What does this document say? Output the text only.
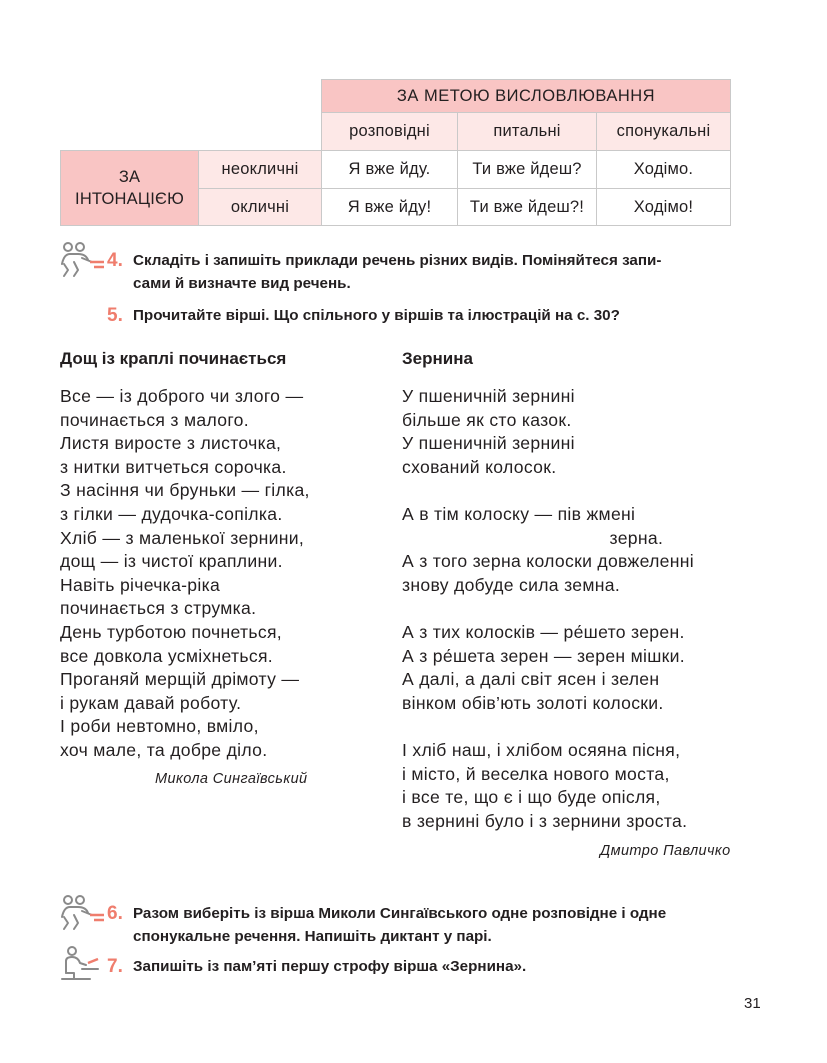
ЗА МЕТОЮ ВИСЛОВЛЮВАННЯ
розповідні	питальні	спонукальні
ЗА
ІНТОНАЦІЄЮ
неокличні	Я вже йду.	Ти вже йдеш?	Ходімо.
окличні	Я вже йду!	Ти вже йдеш?!	Ходімо!
4. Складіть і запишіть приклади речень різних видів. Поміняйтеся запи-
сами й визначте вид речень.
5. Прочитайте вірші. Що спільного у віршів та ілюстрацій на с. 30?
Дощ із краплі починається
Все — із доброго чи злого —
починається з малого.
Листя виросте з листочка,
з нитки витчеться сорочка.
З насіння чи бруньки — гілка,
з гілки — дудочка-сопілка.
Хліб — з маленької зернини,
дощ — із чистої краплини.
Навіть річечка-ріка
починається з струмка.
День турботою почнеться,
все довкола усміхнеться.
Проганяй мерщій дрімоту —
і рукам давай роботу.
І роби невтомно, вміло,
хоч мале, та добре діло.
Микола Сингаївський
Зернина
У пшеничній зернині
більше як сто казок.
У пшеничній зернині
схований колосок.

А в тім колоску — пів жмені
зерна.
А з того зерна колоски довжеленні
знову добуде сила земна.

А з тих колосків — ре́шето зерен.
А з ре́шета зерен — зерен мішки.
А далі, а далі світ ясен і зелен
вінком обів’ють золоті колоски.

І хліб наш, і хлібом осяяна пісня,
і місто, й веселка нового моста,
і все те, що є і що буде опісля,
в зернині було і з зернини зроста.
Дмитро Павличко
6. Разом виберіть із вірша Миколи Сингаївського одне розповідне і одне
спонукальне речення. Напишіть диктант у парі.
7. Запишіть із пам’яті першу строфу вірша «Зернина».
31
